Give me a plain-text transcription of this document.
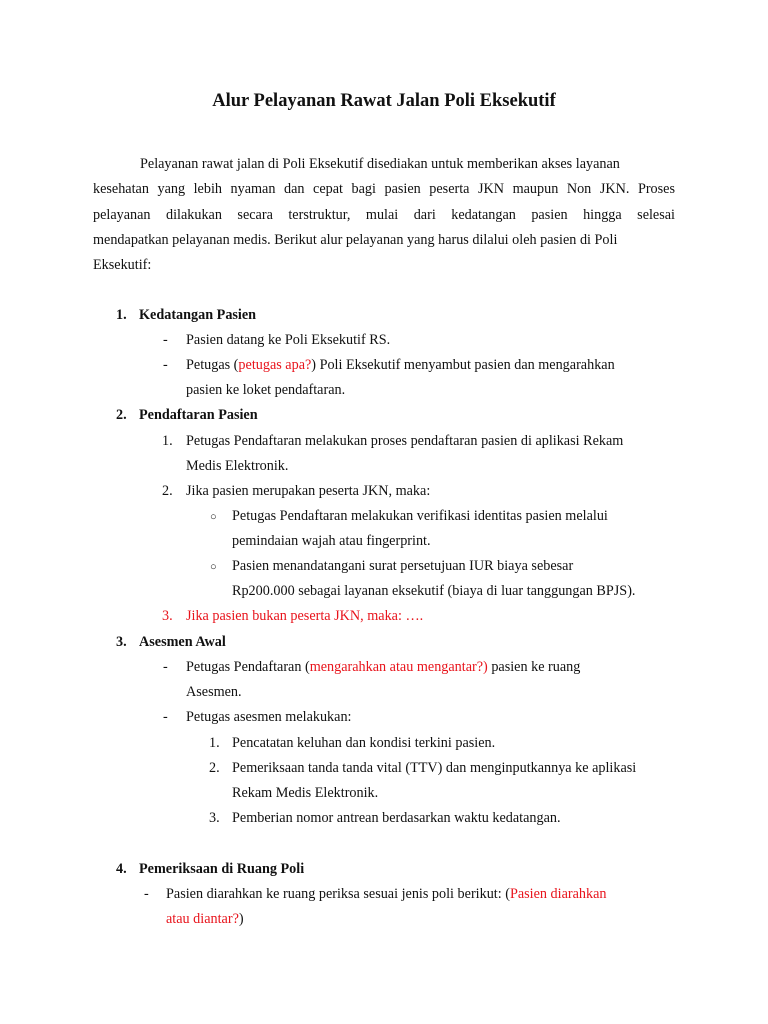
Alur Pelayanan Rawat Jalan Poli Eksekutif
Pelayanan rawat jalan di Poli Eksekutif disediakan untuk memberikan akses layanan
kesehatan yang lebih nyaman dan cepat bagi pasien peserta JKN maupun Non JKN. Proses
pelayanan dilakukan secara terstruktur, mulai dari kedatangan pasien hingga selesai
mendapatkan pelayanan medis. Berikut alur pelayanan yang harus dilalui oleh pasien di Poli
Eksekutif:
1. Kedatangan Pasien
- Pasien datang ke Poli Eksekutif RS.
- Petugas (petugas apa?) Poli Eksekutif menyambut pasien dan mengarahkan
pasien ke loket pendaftaran.
2. Pendaftaran Pasien
1. Petugas Pendaftaran melakukan proses pendaftaran pasien di aplikasi Rekam
Medis Elektronik.
2. Jika pasien merupakan peserta JKN, maka:
○ Petugas Pendaftaran melakukan verifikasi identitas pasien melalui
pemindaian wajah atau fingerprint.
○ Pasien menandatangani surat persetujuan IUR biaya sebesar
Rp200.000 sebagai layanan eksekutif (biaya di luar tanggungan BPJS).
3. Jika pasien bukan peserta JKN, maka: ….
3. Asesmen Awal
- Petugas Pendaftaran (mengarahkan atau mengantar?) pasien ke ruang
Asesmen.
- Petugas asesmen melakukan:
1. Pencatatan keluhan dan kondisi terkini pasien.
2. Pemeriksaan tanda tanda vital (TTV) dan menginputkannya ke aplikasi
Rekam Medis Elektronik.
3. Pemberian nomor antrean berdasarkan waktu kedatangan.
4. Pemeriksaan di Ruang Poli
- Pasien diarahkan ke ruang periksa sesuai jenis poli berikut: (Pasien diarahkan
atau diantar?)
